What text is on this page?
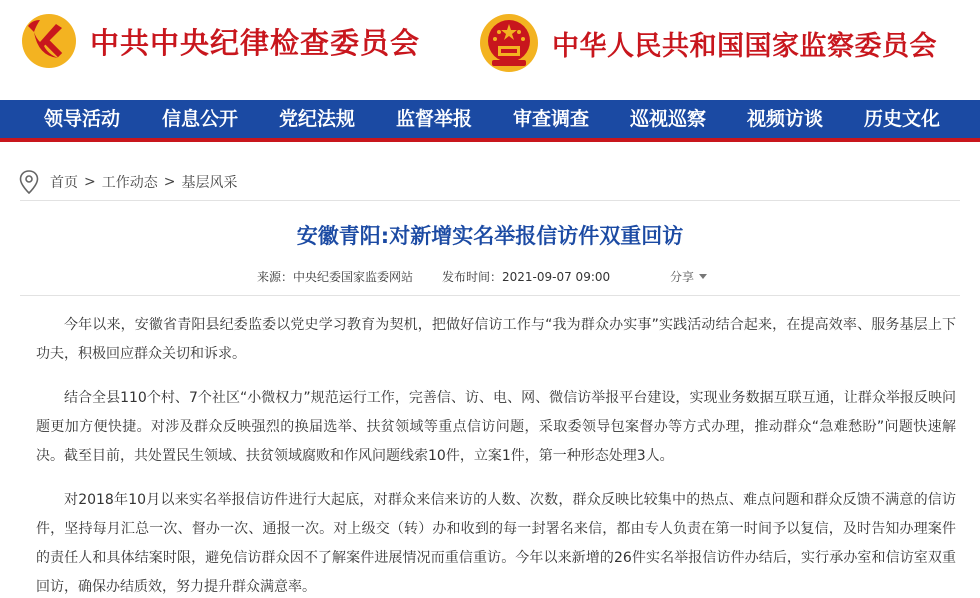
中共中央纪律检查委员会	中华人民共和国国家监察委员会
领导活动	信息公开	党纪法规	监督举报	审查调查	巡视巡察	视频访谈	历史文化
首页 > 工作动态 > 基层风采
安徽青阳:对新增实名举报信访件双重回访
来源：中央纪委国家监委网站 发布时间：2021-09-07 09:00	分享

今年以来，安徽省青阳县纪委监委以党史学习教育为契机，把做好信访工作与“我为群众办实事”实践活动结合起来，在提高效率、服务基层上下功夫，积极回应群众关切和诉求。

结合全县110个村、7个社区“小微权力”规范运行工作，完善信、访、电、网、微信访举报平台建设，实现业务数据互联互通，让群众举报反映问题更加方便快捷。对涉及群众反映强烈的换届选举、扶贫领域等重点信访问题，采取委领导包案督办等方式办理，推动群众“急难愁盼”问题快速解决。截至目前，共处置民生领域、扶贫领域腐败和作风问题线索10件，立案1件，第一种形态处理3人。

对2018年10月以来实名举报信访件进行大起底，对群众来信来访的人数、次数，群众反映比较集中的热点、难点问题和群众反馈不满意的信访件，坚持每月汇总一次、督办一次、通报一次。对上级交（转）办和收到的每一封署名来信，都由专人负责在第一时间予以复信，及时告知办理案件的责任人和具体结案时限，避免信访群众因不了解案件进展情况而重信重访。今年以来新增的26件实名举报信访件办结后，实行承办室和信访室双重回访，确保办结质效，努力提升群众满意率。
